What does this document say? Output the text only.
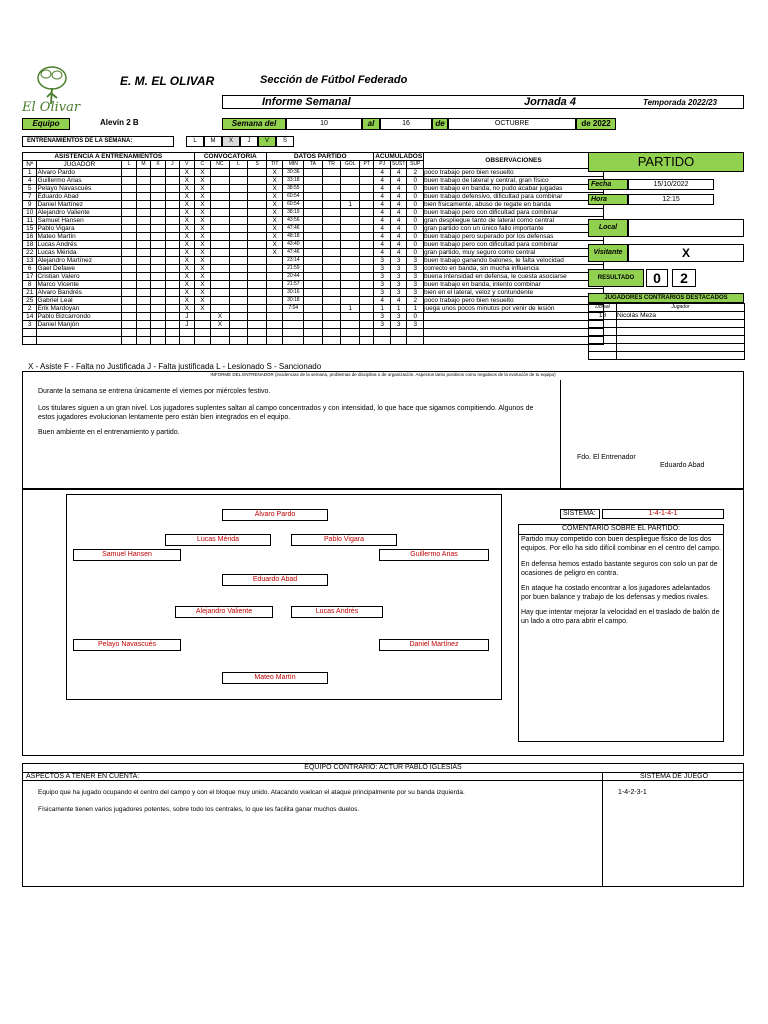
El Olivar
E. M. EL OLIVAR	Sección de Fútbol Federado
Informe Semanal	Jornada 4	Temporada 2022/23
Equipo	Alevín 2 B	Semana del	10	al	16	de	OCTUBRE	de 2022
ENTRENAMIENTOS DE LA SEMANA:	L	M	X	J	V	S
ASISTENCIA A ENTRENAMIENTOS							CONVOCATORIA				DATOS PARTIDO						ACUMULADOS			OBSERVACIONES
Nº	JUGADOR	L	M	X	J	V	C	NC	L	S	TIT	MIN	TA	TR	GOL	PT	PJ	SUST	SUP	
1	Álvaro Pardo					X	X				X	30:36					4	4	2	poco trabajo pero bien resuelto
4	Guillermo Arias					X	X				X	33:18					4	4	0	buen trabajo de lateral y central, gran físico
5	Pelayo Navascués					X	X				X	38:55					4	4	0	buen trabajo en banda, no pudo acabar jugadas
7	Eduardo Abad					X	X				X	60:54					4	4	0	buen trabajo defensivo, dificultad para combinar
9	Daniel Martínez					X	X				X	60:54			1		4	4	0	bien físicamente, abuso de regate en banda
10	Alejandro Valiente					X	X				X	38:19					4	4	0	buen trabajo pero con dificultad para combinar
11	Samuel Hansen					X	X				X	43:56					4	4	0	gran despliegue tanto de lateral como central
15	Pablo Vigara					X	X				X	47:46					4	4	0	gran partido con un único fallo importante
16	Mateo Martín					X	X				X	48:18					4	4	0	buen trabajo pero superado por los defensas
18	Lucas Andrés					X	X				X	43:40					4	4	0	buen trabajo pero con dificultad para combinar
22	Lucas Mérida					X	X				X	47:46					4	4	0	gran partido, muy seguro como central
13	Alejandro Martínez					X	X					23:14					3	3	3	buen trabajo ganando balones, le falta velocidad
6	Gael Defawe					X	X					21:59					3	3	3	correcto en banda, sin mucha influencia
17	Cristian Valero					X	X					20:44					3	3	3	buena intensidad en defensa, le cuesta asociarse
8	Marco Vicente					X	X					21:57					3	3	3	buen trabajo en banda, intento combinar
21	Alvaro Bandrés					X	X					30:16					3	3	3	bien en el lateral, veloz y contundente
25	Gabriel Leal					X	X					30:18					4	4	2	poco trabajo pero bien resuelto
2	Erik Mardoyan					X	X					7:04			1		1	1	1	juega unos pocos minutos por venir de lesión
14	Pablo Bizcarrondo					J		X									3	3	0	
3	Daniel Manjón					J		X									3	3	3	

X - Asiste F - Falta no Justificada J - Falta justificada L - Lesionado S - Sancionado
PARTIDO
Fecha	15/10/2022
Hora	12:15
Local
Visitante	X
RESULTADO	0	2
JUGADORES CONTRARIOS DESTACADOS
Dorsal	Jugador
18	Nicolás Meza

INFORME DEL ENTRENADOR (incidencias de la semana, problemas de disciplina o de organización. Aspectos tanto positivos como negativos de la evolución de tu equipo)
Durante la semana se entrena únicamente el viernes por miércoles festivo.
Los titulares siguen a un gran nivel. Los jugadores suplentes saltan al campo concentrados y con intensidad, lo que hace que sigamos compitiendo. Algunos de estos jugadores evolucionan lentamente pero están bien integrados en el equipo.
Buen ambiente en el entrenamiento y partido.
Fdo. El Entrenador
Eduardo Abad
Álvaro Pardo
Lucas Mérida	Pablo Vigara
Samuel Hansen	Guillermo Arias
Eduardo Abad
Alejandro Valiente	Lucas Andrés
Pelayo Navascués	Daniel Martínez
Mateo Martín
SISTEMA:	1-4-1-4-1
COMENTARIO SOBRE EL PARTIDO:
Partido muy competido con buen despliegue físico de los dos equipos. Por ello ha sido difícil combinar en el centro del campo.
En defensa hemos estado bastante seguros con solo un par de ocasiones de peligro en contra.
En ataque ha costado encontrar a los jugadores adelantados por buen balance y trabajo de los defensas y medios rivales.
Hay que intentar mejorar la velocidad en el traslado de balón de un lado a otro para abrir el campo.
EQUIPO CONTRARIO: ACTUR PABLO IGLESIAS
ASPECTOS A TENER EN CUENTA:	SISTEMA DE JUEGO
Equipo que ha jugado ocupando el centro del campo y con el bloque muy unido. Atacando vuelcan el ataque principalmente por su banda izquierda.
Físicamente tienen varios jugadores potentes, sobre todo los centrales, lo que les facilita ganar muchos duelos.
1-4-2-3-1
